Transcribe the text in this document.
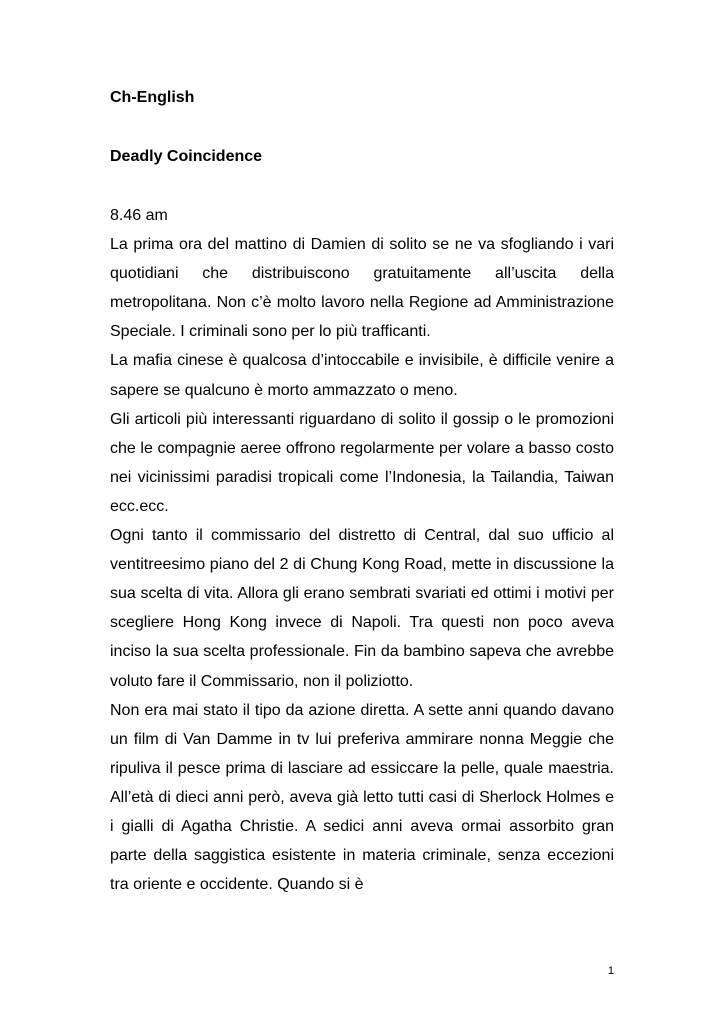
Ch-English
Deadly Coincidence

8.46 am

La prima ora del mattino di Damien di solito se ne va sfogliando i vari quotidiani che distribuiscono gratuitamente all’uscita della metropolitana. Non c’è molto lavoro nella Regione ad Amministrazione Speciale. I criminali sono per lo più trafficanti.

La mafia cinese è qualcosa d’intoccabile e invisibile, è difficile venire a sapere se qualcuno è morto ammazzato o meno.

Gli articoli più interessanti riguardano di solito il gossip o le promozioni che le compagnie aeree offrono regolarmente per volare a basso costo nei vicinissimi paradisi tropicali come l’Indonesia, la Tailandia, Taiwan ecc.ecc.

Ogni tanto il commissario del distretto di Central, dal suo ufficio al ventitreesimo piano del 2 di Chung Kong Road, mette in discussione la sua scelta di vita. Allora gli erano sembrati svariati ed ottimi i motivi per scegliere Hong Kong invece di Napoli. Tra questi non poco aveva inciso la sua scelta professionale. Fin da bambino sapeva che avrebbe voluto fare il Commissario, non il poliziotto.

Non era mai stato il tipo da azione diretta. A sette anni quando davano un film di Van Damme in tv lui preferiva ammirare nonna Meggie che ripuliva il pesce prima di lasciare ad essiccare la pelle, quale maestria. All’età di dieci anni però, aveva già letto tutti casi di Sherlock Holmes e i gialli di Agatha Christie. A sedici anni aveva ormai assorbito gran parte della saggistica esistente in materia criminale, senza eccezioni tra oriente e occidente. Quando si è

1
